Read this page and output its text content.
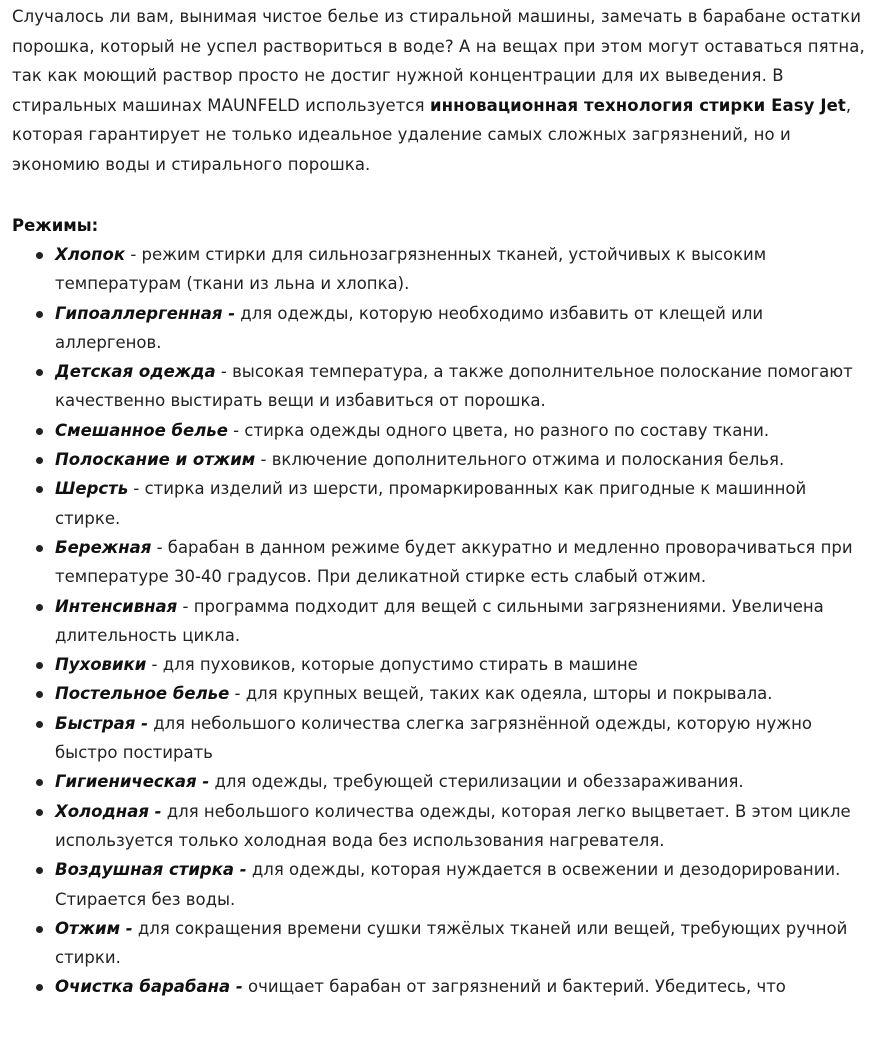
Случалось ли вам, вынимая чистое белье из стиральной машины, замечать в барабане остатки порошка, который не успел раствориться в воде? А на вещах при этом могут оставаться пятна, так как моющий раствор просто не достиг нужной концентрации для их выведения. В стиральных машинах MAUNFELD используется инновационная технология стирки Easy Jet, которая гарантирует не только идеальное удаление самых сложных загрязнений, но и экономию воды и стирального порошка.

Режимы:
Хлопок - режим стирки для сильнозагрязненных тканей, устойчивых к высоким температурам (ткани из льна и хлопка).
Гипоаллергенная - для одежды, которую необходимо избавить от клещей или аллергенов.
Детская одежда - высокая температура, а также дополнительное полоскание помогают качественно выстирать вещи и избавиться от порошка.
Смешанное белье - стирка одежды одного цвета, но разного по составу ткани.
Полоскание и отжим - включение дополнительного отжима и полоскания белья.
Шерсть - стирка изделий из шерсти, промаркированных как пригодные к машинной стирке.
Бережная - барабан в данном режиме будет аккуратно и медленно проворачиваться при температуре 30-40 градусов. При деликатной стирке есть слабый отжим.
Интенсивная - программа подходит для вещей с сильными загрязнениями. Увеличена длительность цикла.
Пуховики - для пуховиков, которые допустимо стирать в машине
Постельное белье - для крупных вещей, таких как одеяла, шторы и покрывала.
Быстрая - для небольшого количества слегка загрязнённой одежды, которую нужно быстро постирать
Гигиеническая - для одежды, требующей стерилизации и обеззараживания.
Холодная - для небольшого количества одежды, которая легко выцветает. В этом цикле используется только холодная вода без использования нагревателя.
Воздушная стирка - для одежды, которая нуждается в освежении и дезодорировании. Стирается без воды.
Отжим - для сокращения времени сушки тяжёлых тканей или вещей, требующих ручной стирки.
Очистка барабана - очищает барабан от загрязнений и бактерий. Убедитесь, что
